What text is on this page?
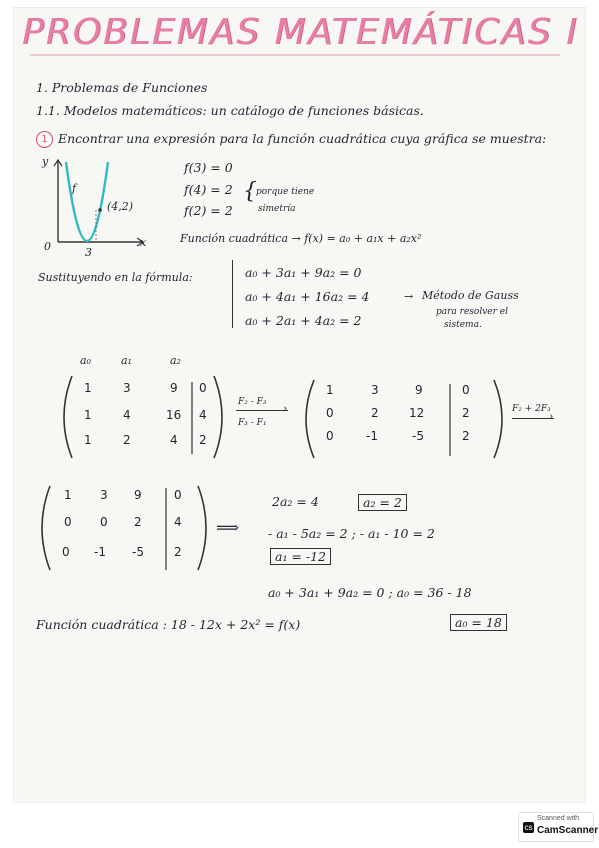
PROBLEMAS MATEMÁTICAS I
1. Problemas de Funciones
1.1. Modelos matemáticos: un catálogo de funciones básicas.
1 Encontrar una expresión para la función cuadrática cuya gráfica se muestra:
y
f
(4,2)
0	3
x
f(3) = 0
f(4) = 2
f(2) = 2
{ porque tiene
simetría
Función cuadrática → f(x) = a₀ + a₁x + a₂x²
Sustituyendo en la fórmula:	a₀ + 3a₁ + 9a₂ = 0
a₀ + 4a₁ + 16a₂ = 4
a₀ + 2a₁ + 4a₂ = 2
→ Método de Gauss
para resolver el
sistema.
a₀	a₁	a₂
1	3	9 0
1	4	16 4
1	2	4 2
F₂ - F₃ ›
F₃ - F₁
1	3	9	0
0	2	12	2
0	-1	-5	2
F₂ + 2F₃
›
1 3 9	0
0 0 2	4
0 -1 -5	2
⟹
2a₂ = 4	a₂ = 2
- a₁ - 5a₂ = 2 ; - a₁ - 10 = 2
a₁ = -12
a₀ + 3a₁ + 9a₂ = 0 ; a₀ = 36 - 18
a₀ = 18
Función cuadrática : 18 - 12x + 2x² = f(x)
cs
Scanned with
CamScanner
